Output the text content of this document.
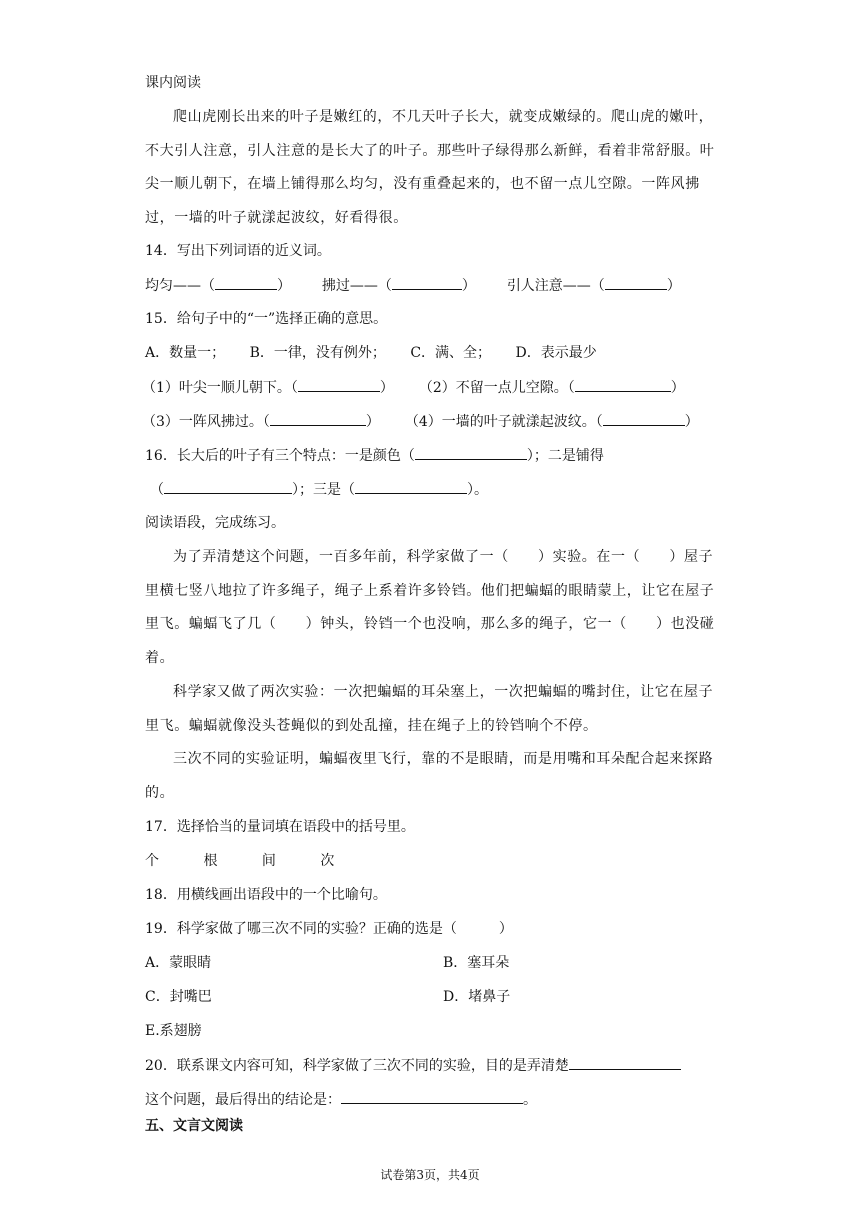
课内阅读
爬山虎刚长出来的叶子是嫩红的，不几天叶子长大，就变成嫩绿的。爬山虎的嫩叶，不大引人注意，引人注意的是长大了的叶子。那些叶子绿得那么新鲜，看着非常舒服。叶尖一顺儿朝下，在墙上铺得那么均匀，没有重叠起来的，也不留一点儿空隙。一阵风拂过，一墙的叶子就漾起波纹，好看得很。
14．写出下列词语的近义词。
均匀——（	） 拂过——（	） 引人注意——（	）
15．给句子中的“一”选择正确的意思。
A．数量一； B．一律，没有例外； C．满、全； D．表示最少
（1）叶尖一顺儿朝下。（	） （2）不留一点儿空隙。（	）
（3）一阵风拂过。（	） （4）一墙的叶子就漾起波纹。（	）
16．长大后的叶子有三个特点：一是颜色（	）；二是铺得
（	）；三是（	）。
阅读语段，完成练习。
为了弄清楚这个问题，一百多年前，科学家做了一（　　）实验。在一（　　）屋子里横七竖八地拉了许多绳子，绳子上系着许多铃铛。他们把蝙蝠的眼睛蒙上，让它在屋子里飞。蝙蝠飞了几（　　）钟头，铃铛一个也没响，那么多的绳子，它一（　　）也没碰着。
科学家又做了两次实验：一次把蝙蝠的耳朵塞上，一次把蝙蝠的嘴封住，让它在屋子里飞。蝙蝠就像没头苍蝇似的到处乱撞，挂在绳子上的铃铛响个不停。
三次不同的实验证明，蝙蝠夜里飞行，靠的不是眼睛，而是用嘴和耳朵配合起来探路的。
17．选择恰当的量词填在语段中的括号里。
个	根	间	次
18．用横线画出语段中的一个比喻句。
19．科学家做了哪三次不同的实验？正确的选是（　　　）
A．蒙眼睛	B．塞耳朵
C．封嘴巴	D．堵鼻子
E.系翅膀
20．联系课文内容可知，科学家做了三次不同的实验，目的是弄清楚
这个问题，最后得出的结论是：	。
五、文言文阅读
试卷第3页，共4页
